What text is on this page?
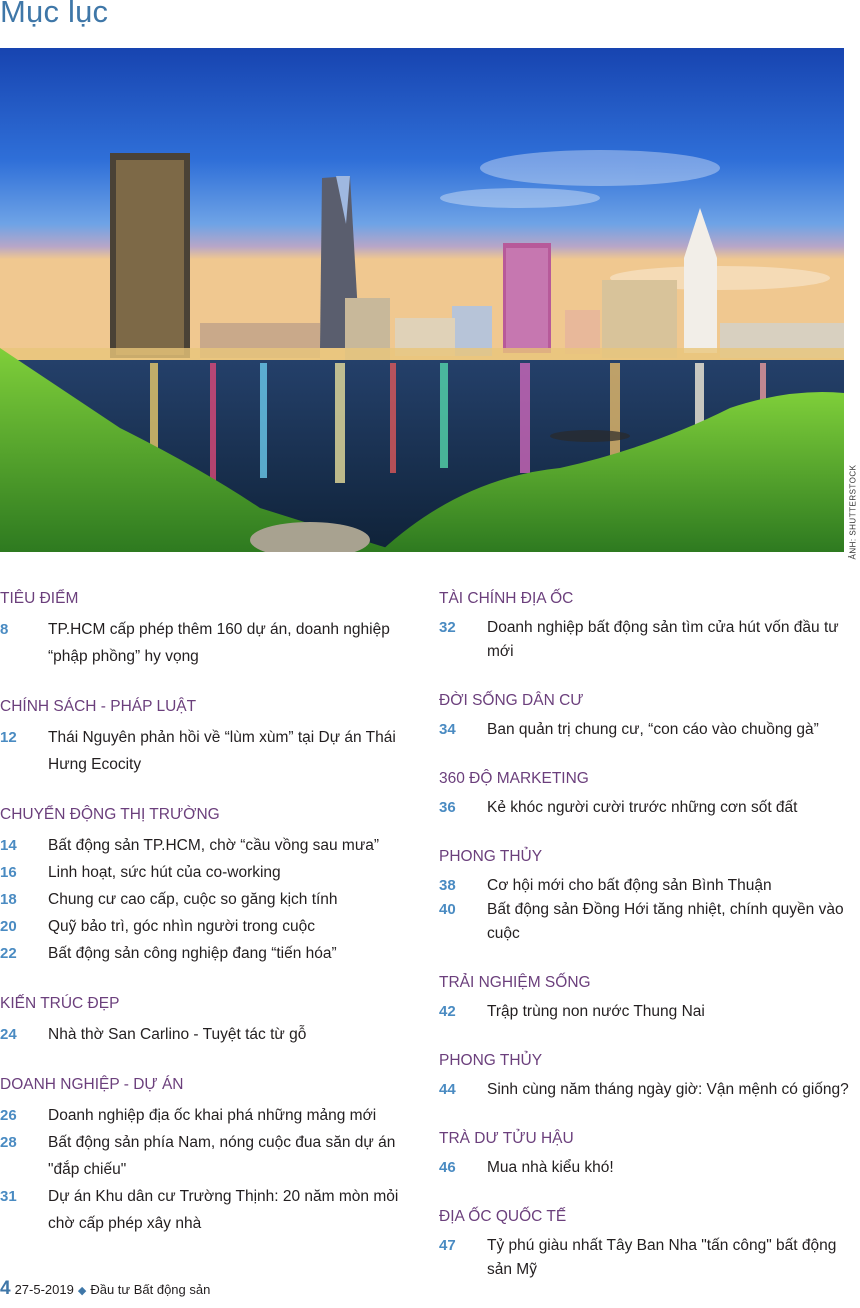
Mục lục
ẢNH: SHUTTERSTOCK
TIÊU ĐIỂM
8	TP.HCM cấp phép thêm 160 dự án, doanh nghiệp “phập phồng” hy vọng
CHÍNH SÁCH - PHÁP LUẬT
12	Thái Nguyên phản hồi về “lùm xùm” tại Dự án Thái Hưng Ecocity
CHUYỂN ĐỘNG THỊ TRƯỜNG
14	Bất động sản TP.HCM, chờ “cầu vồng sau mưa”
16	Linh hoạt, sức hút của co-working
18	Chung cư cao cấp, cuộc so găng kịch tính
20	Quỹ bảo trì, góc nhìn người trong cuộc
22	Bất động sản công nghiệp đang “tiến hóa”
KIẾN TRÚC ĐẸP
24	Nhà thờ San Carlino - Tuyệt tác từ gỗ
DOANH NGHIỆP - DỰ ÁN
26	Doanh nghiệp địa ốc khai phá những mảng mới
28	Bất động sản phía Nam, nóng cuộc đua săn dự án "đắp chiếu"
31	Dự án Khu dân cư Trường Thịnh: 20 năm mòn mỏi chờ cấp phép xây nhà
TÀI CHÍNH ĐỊA ỐC
32	Doanh nghiệp bất động sản tìm cửa hút vốn đầu tư mới
ĐỜI SỐNG DÂN CƯ
34	Ban quản trị chung cư, “con cáo vào chuồng gà”
360 ĐỘ MARKETING
36	Kẻ khóc người cười trước những cơn sốt đất
PHONG THỦY
38	Cơ hội mới cho bất động sản Bình Thuận
40	Bất động sản Đồng Hới tăng nhiệt, chính quyền vào cuộc
TRẢI NGHIỆM SỐNG
42	Trập trùng non nước Thung Nai
PHONG THỦY
44	Sinh cùng năm tháng ngày giờ: Vận mệnh có giống?
TRÀ DƯ TỬU HẬU
46	Mua nhà kiểu khó!
ĐỊA ỐC QUỐC TẾ
47	Tỷ phú giàu nhất Tây Ban Nha "tấn công" bất động sản Mỹ
4 27-5-2019 ◆ Đầu tư Bất động sản
